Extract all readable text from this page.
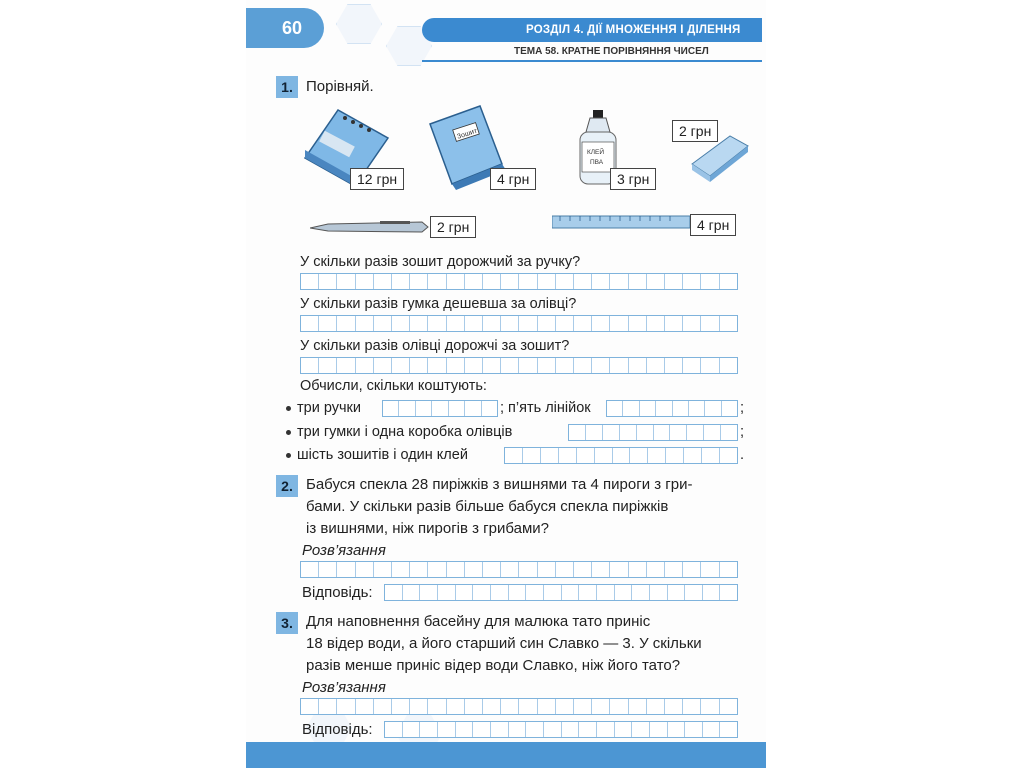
60	РОЗДІЛ 4. ДІЇ МНОЖЕННЯ І ДІЛЕННЯ
ТЕМА 58. КРАТНЕ ПОРІВНЯННЯ ЧИСЕЛ
1. Порівняй.
12 грн
Зошит
4 грн
КЛЕЙ
ПВА
3 грн
2 грн
2 грн	4 грн
У скільки разів зошит дорожчий за ручку?
У скільки разів гумка дешевша за олівці?
У скільки разів олівці дорожчі за зошит?
Обчисли, скільки коштують:
три ручки	; п’ять лінійок	;
три гумки і одна коробка олівців	;
шість зошитів і один клей	.
2. Бабуся спекла 28 пиріжків з вишнями та 4 пироги з гри-
бами. У скільки разів більше бабуся спекла пиріжків
із вишнями, ніж пирогів з грибами?
Розв’язання
Відповідь:
3. Для наповнення басейну для малюка тато приніс
18 відер води, а його старший син Славко — 3. У скільки
разів менше приніс відер води Славко, ніж його тато?
Розв’язання
Відповідь:
